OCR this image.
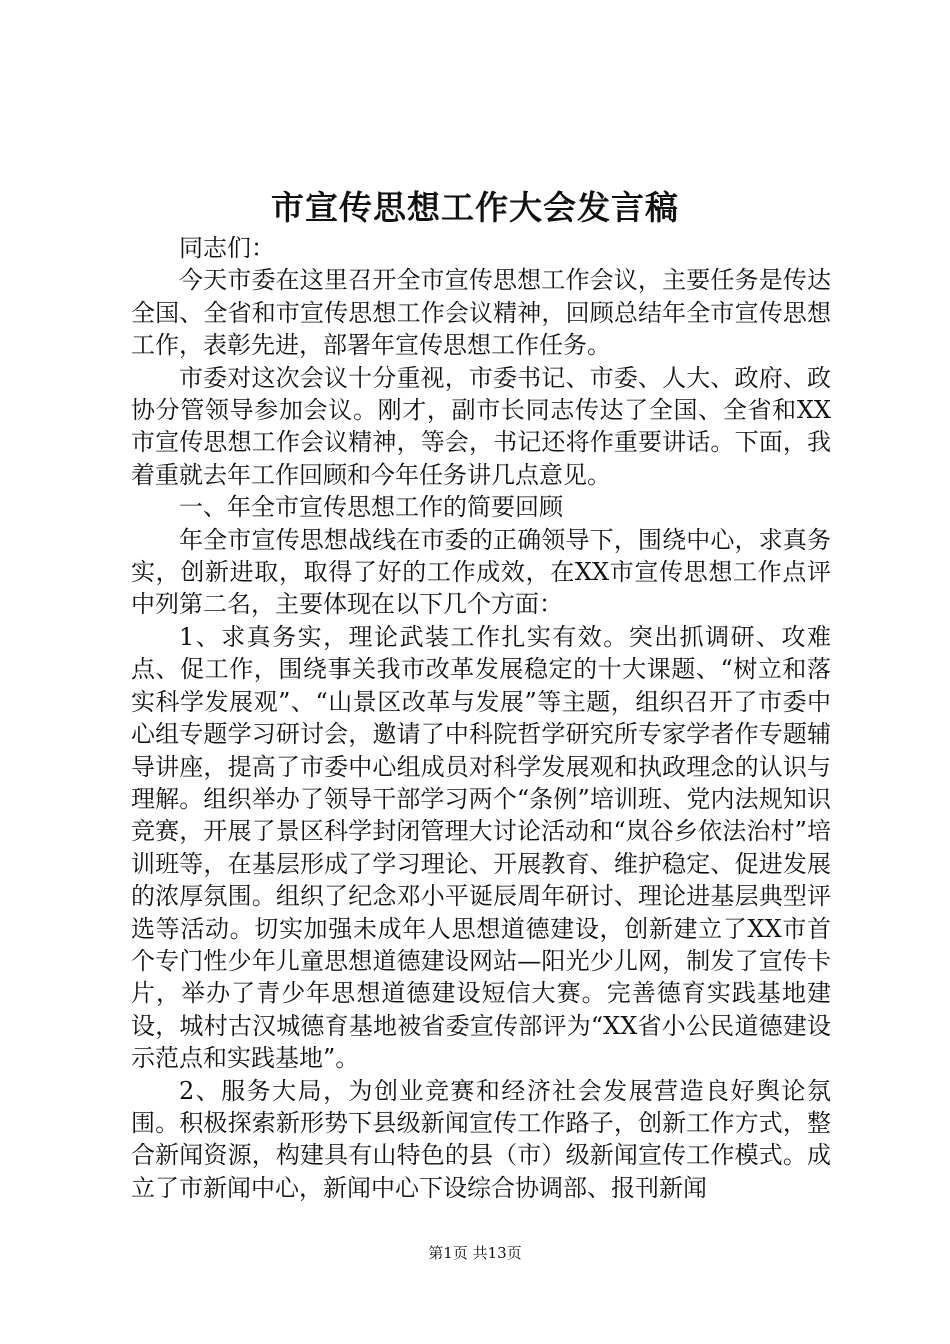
市宣传思想工作大会发言稿

同志们：

今天市委在这里召开全市宣传思想工作会议，主要任务是传达全国、全省和市宣传思想工作会议精神，回顾总结年全市宣传思想工作，表彰先进，部署年宣传思想工作任务。

市委对这次会议十分重视，市委书记、市委、人大、政府、政协分管领导参加会议。刚才，副市长同志传达了全国、全省和XX市宣传思想工作会议精神，等会，书记还将作重要讲话。下面，我着重就去年工作回顾和今年任务讲几点意见。

一、年全市宣传思想工作的简要回顾

年全市宣传思想战线在市委的正确领导下，围绕中心，求真务实，创新进取，取得了好的工作成效，在XX市宣传思想工作点评中列第二名，主要体现在以下几个方面：

1、求真务实，理论武装工作扎实有效。突出抓调研、攻难点、促工作，围绕事关我市改革发展稳定的十大课题、“树立和落实科学发展观”、“山景区改革与发展”等主题，组织召开了市委中心组专题学习研讨会，邀请了中科院哲学研究所专家学者作专题辅导讲座，提高了市委中心组成员对科学发展观和执政理念的认识与理解。组织举办了领导干部学习两个“条例”培训班、党内法规知识竞赛，开展了景区科学封闭管理大讨论活动和“岚谷乡依法治村”培训班等，在基层形成了学习理论、开展教育、维护稳定、促进发展的浓厚氛围。组织了纪念邓小平诞辰周年研讨、理论进基层典型评选等活动。切实加强未成年人思想道德建设，创新建立了XX市首个专门性少年儿童思想道德建设网站—阳光少儿网，制发了宣传卡片，举办了青少年思想道德建设短信大赛。完善德育实践基地建设，城村古汉城德育基地被省委宣传部评为“XX省小公民道德建设示范点和实践基地”。

2、服务大局，为创业竞赛和经济社会发展营造良好舆论氛围。积极探索新形势下县级新闻宣传工作路子，创新工作方式，整合新闻资源，构建具有山特色的县（市）级新闻宣传工作模式。成立了市新闻中心，新闻中心下设综合协调部、报刊新闻

第1页 共13页
